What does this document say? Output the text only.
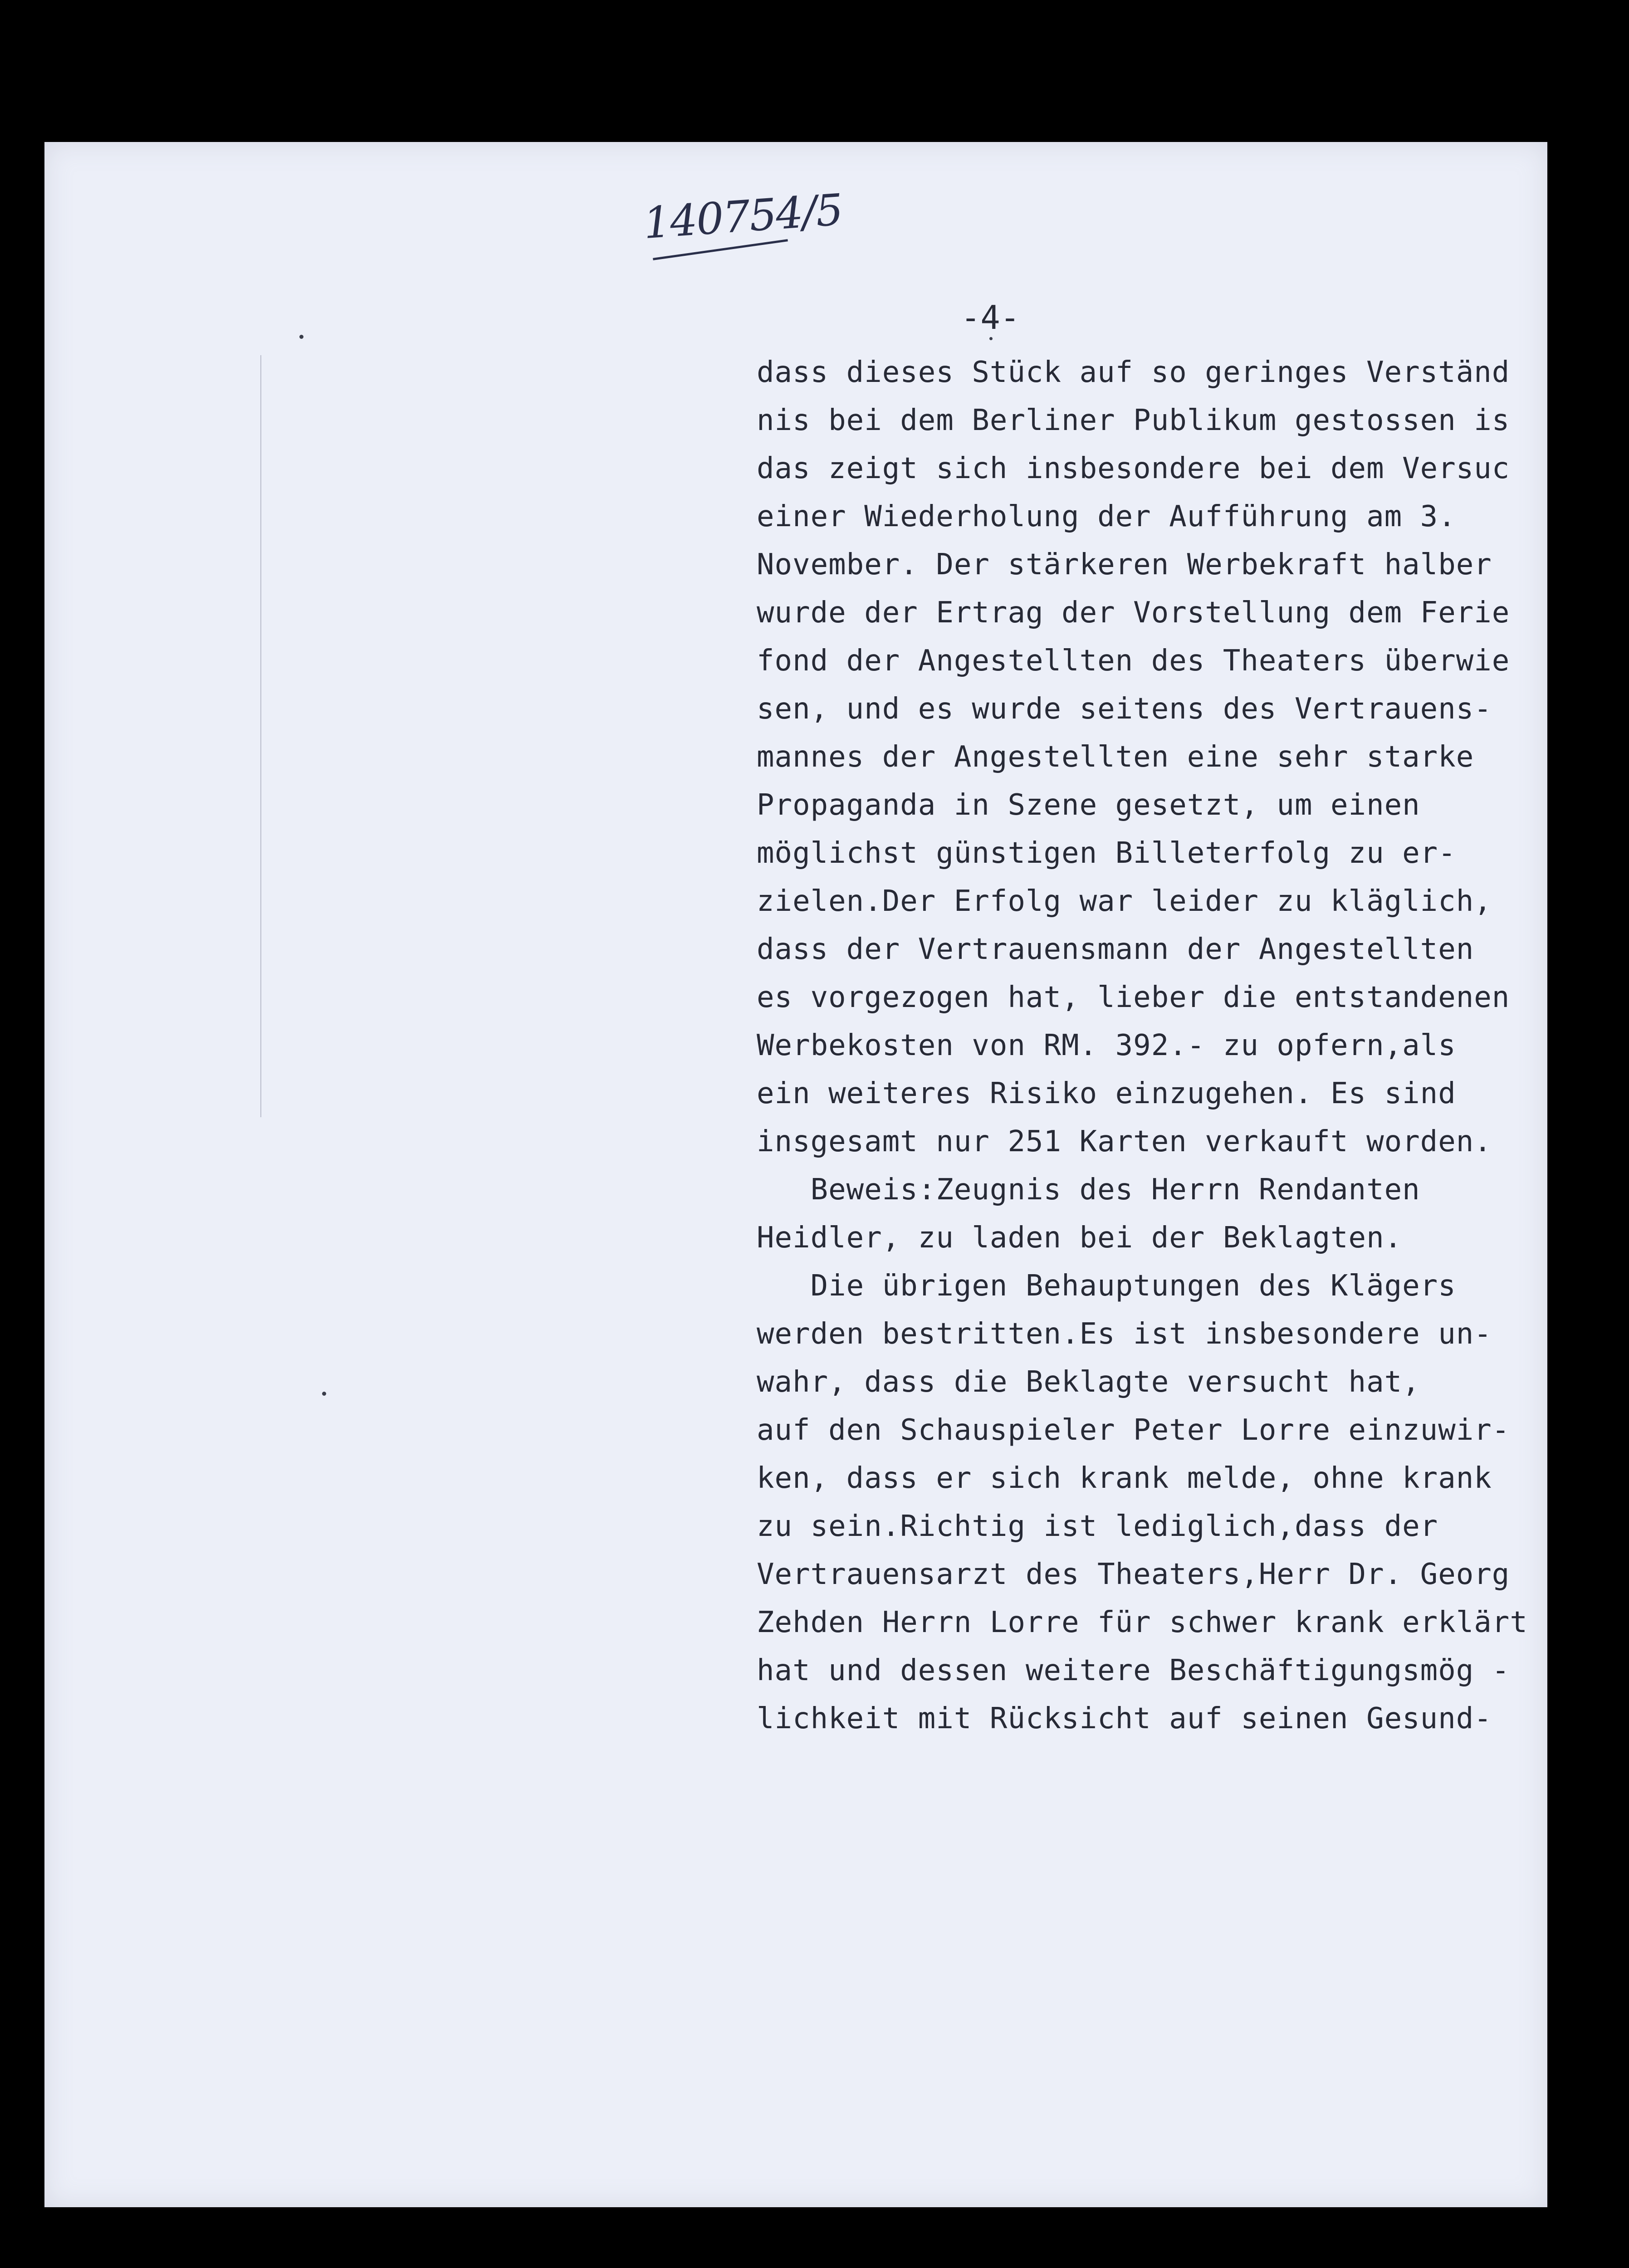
140754/5
-4-
dass dieses Stück auf so geringes Verständ
nis bei dem Berliner Publikum gestossen is
das zeigt sich insbesondere bei dem Versuc
einer Wiederholung der Aufführung am 3.
November. Der stärkeren Werbekraft halber
wurde der Ertrag der Vorstellung dem Ferie
fond der Angestellten des Theaters überwie
sen, und es wurde seitens des Vertrauens-
mannes der Angestellten eine sehr starke
Propaganda in Szene gesetzt, um einen
möglichst günstigen Billeterfolg zu er-
zielen.Der Erfolg war leider zu kläglich,
dass der Vertrauensmann der Angestellten
es vorgezogen hat, lieber die entstandenen
Werbekosten von RM. 392.- zu opfern,als
ein weiteres Risiko einzugehen. Es sind
insgesamt nur 251 Karten verkauft worden.
Beweis:Zeugnis des Herrn Rendanten
Heidler, zu laden bei der Beklagten.
Die übrigen Behauptungen des Klägers
werden bestritten.Es ist insbesondere un-
wahr, dass die Beklagte versucht hat,
auf den Schauspieler Peter Lorre einzuwir-
ken, dass er sich krank melde, ohne krank
zu sein.Richtig ist lediglich,dass der
Vertrauensarzt des Theaters,Herr Dr. Georg
Zehden Herrn Lorre für schwer krank erklärt
hat und dessen weitere Beschäftigungsmög -
lichkeit mit Rücksicht auf seinen Gesund-
